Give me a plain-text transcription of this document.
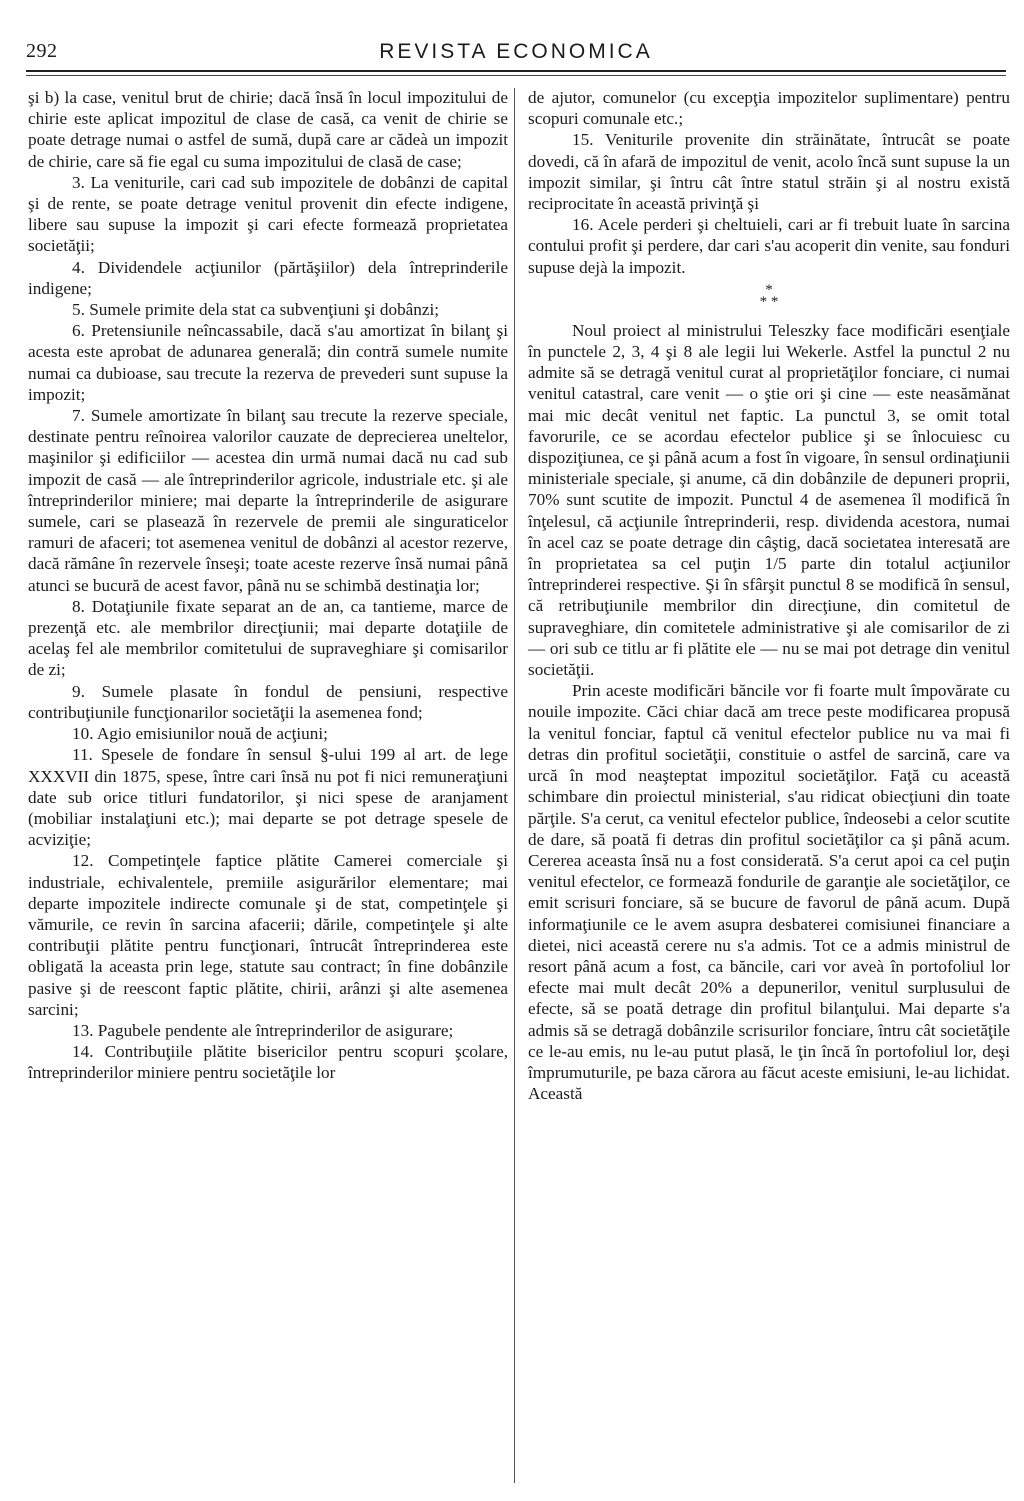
292	REVISTA ECONOMICA

şi b) la case, venitul brut de chirie; dacă însă în locul impozitului de chirie este aplicat impozitul de clase de casă, ca venit de chirie se poate detrage numai o astfel de sumă, după care ar cădeà un impozit de chirie, care să fie egal cu suma impozitului de clasă de case;

3. La veniturile, cari cad sub impozitele de dobânzi de capital şi de rente, se poate detrage venitul provenit din efecte indigene, libere sau supuse la impozit şi cari efecte formează proprietatea societăţii;

4. Dividendele acţiunilor (părtăşiilor) dela întreprinderile indigene;

5. Sumele primite dela stat ca subvenţiuni şi dobânzi;

6. Pretensiunile neîncassabile, dacă s'au amortizat în bilanţ şi acesta este aprobat de adunarea generală; din contră sumele numite numai ca dubioase, sau trecute la rezerva de prevederi sunt supuse la impozit;

7. Sumele amortizate în bilanţ sau trecute la rezerve speciale, destinate pentru reînoirea valorilor cauzate de deprecierea uneltelor, maşinilor şi edificiilor — acestea din urmă numai dacă nu cad sub impozit de casă — ale întreprinderilor agricole, industriale etc. şi ale întreprinderilor miniere; mai departe la întreprinderile de asigurare sumele, cari se plasează în rezervele de premii ale singuraticelor ramuri de afaceri; tot asemenea venitul de dobânzi al acestor rezerve, dacă rămâne în rezervele înseşi; toate aceste rezerve însă numai până atunci se bucură de acest favor, până nu se schimbă destinaţia lor;

8. Dotaţiunile fixate separat an de an, ca tantieme, marce de prezenţă etc. ale membrilor direcţiunii; mai departe dotaţiile de acelaş fel ale membrilor comitetului de supraveghiare şi comisarilor de zi;

9. Sumele plasate în fondul de pensiuni, respective contribuţiunile funcţionarilor societăţii la asemenea fond;

10. Agio emisiunilor nouă de acţiuni;

11. Spesele de fondare în sensul §-ului 199 al art. de lege XXXVII din 1875, spese, între cari însă nu pot fi nici remuneraţiuni date sub orice titluri fundatorilor, şi nici spese de aranjament (mobiliar instalaţiuni etc.); mai departe se pot detrage spesele de acviziţie;

12. Competinţele faptice plătite Camerei comerciale şi industriale, echivalentele, premiile asigurărilor elementare; mai departe impozitele indirecte comunale şi de stat, competinţele şi vămurile, ce revin în sarcina afacerii; dările, competinţele şi alte contribuţii plătite pentru funcţionari, întrucât întreprinderea este obligată la aceasta prin lege, statute sau contract; în fine dobânzile pasive şi de reescont faptic plătite, chirii, arânzi şi alte asemenea sarcini;

13. Pagubele pendente ale întreprinderilor de asigurare;

14. Contribuţiile plătite bisericilor pentru scopuri şcolare, întreprinderilor miniere pentru societăţile lor

de ajutor, comunelor (cu excepţia impozitelor suplimentare) pentru scopuri comunale etc.;

15. Veniturile provenite din străinătate, întrucât se poate dovedi, că în afară de impozitul de venit, acolo încă sunt supuse la un impozit similar, şi întru cât între statul străin şi al nostru există reciprocitate în această privinţă şi

16. Acele perderi şi cheltuieli, cari ar fi trebuit luate în sarcina contului profit şi perdere, dar cari s'au acoperit din venite, sau fonduri supuse dejà la impozit.

*
* *

Noul proiect al ministrului Teleszky face modificări esenţiale în punctele 2, 3, 4 şi 8 ale legii lui Wekerle. Astfel la punctul 2 nu admite să se detragă venitul curat al proprietăţilor fonciare, ci numai venitul catastral, care venit — o ştie ori şi cine — este neasămănat mai mic decât venitul net faptic. La punctul 3, se omit total favorurile, ce se acordau efectelor publice şi se înlocuiesc cu dispoziţiunea, ce şi până acum a fost în vigoare, în sensul ordinaţiunii ministeriale speciale, şi anume, că din dobânzile de depuneri proprii, 70% sunt scutite de impozit. Punctul 4 de asemenea îl modifică în înţelesul, că acţiunile întreprinderii, resp. dividenda acestora, numai în acel caz se poate detrage din câştig, dacă societatea interesată are în proprietatea sa cel puţin 1/5 parte din totalul acţiunilor întreprinderei respective. Şi în sfârşit punctul 8 se modifică în sensul, că retribuţiunile membrilor din direcţiune, din comitetul de supraveghiare, din comitetele administrative şi ale comisarilor de zi — ori sub ce titlu ar fi plătite ele — nu se mai pot detrage din venitul societăţii.

Prin aceste modificări băncile vor fi foarte mult împovărate cu nouile impozite. Căci chiar dacă am trece peste modificarea propusă la venitul fonciar, faptul că venitul efectelor publice nu va mai fi detras din profitul societăţii, constituie o astfel de sarcină, care va urcă în mod neaşteptat impozitul societăţilor. Faţă cu această schimbare din proiectul ministerial, s'au ridicat obiecţiuni din toate părţile. S'a cerut, ca venitul efectelor publice, îndeosebi a celor scutite de dare, să poată fi detras din profitul societăţilor ca şi până acum. Cererea aceasta însă nu a fost considerată. S'a cerut apoi ca cel puţin venitul efectelor, ce formează fondurile de garanţie ale societăţilor, ce emit scrisuri fonciare, să se bucure de favorul de până acum. După informaţiunile ce le avem asupra desbaterei comisiunei financiare a dietei, nici această cerere nu s'a admis. Tot ce a admis ministrul de resort până acum a fost, ca băncile, cari vor aveà în portofoliul lor efecte mai mult decât 20% a depunerilor, venitul surplusului de efecte, să se poată detrage din profitul bilanţului. Mai departe s'a admis să se detragă dobânzile scrisurilor fonciare, întru cât societăţile ce le-au emis, nu le-au putut plasă, le ţin încă în portofoliul lor, deşi împrumuturile, pe baza cărora au făcut aceste emisiuni, le-au lichidat. Această
